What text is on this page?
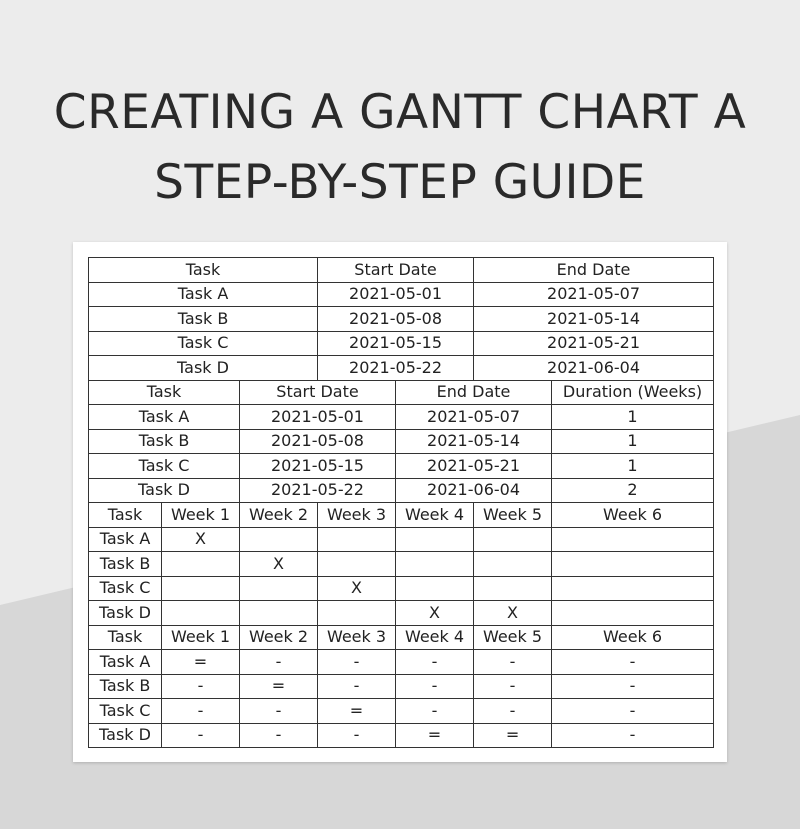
CREATING A GANTT CHART A
STEP-BY-STEP GUIDE
Task			Start Date		End Date	
Task A			2021-05-01		2021-05-07	
Task B			2021-05-08		2021-05-14	
Task C			2021-05-15		2021-05-21	
Task D			2021-05-22		2021-06-04	
Task		Start Date		End Date		Duration (Weeks)
Task A		2021-05-01		2021-05-07		1
Task B		2021-05-08		2021-05-14		1
Task C		2021-05-15		2021-05-21		1
Task D		2021-05-22		2021-06-04		2
Task	Week 1	Week 2	Week 3	Week 4	Week 5	Week 6
Task A	X					
Task B		X				
Task C			X			
Task D				X	X	
Task	Week 1	Week 2	Week 3	Week 4	Week 5	Week 6
Task A	=	-	-	-	-	-
Task B	-	=	-	-	-	-
Task C	-	-	=	-	-	-
Task D	-	-	-	=	=	-
